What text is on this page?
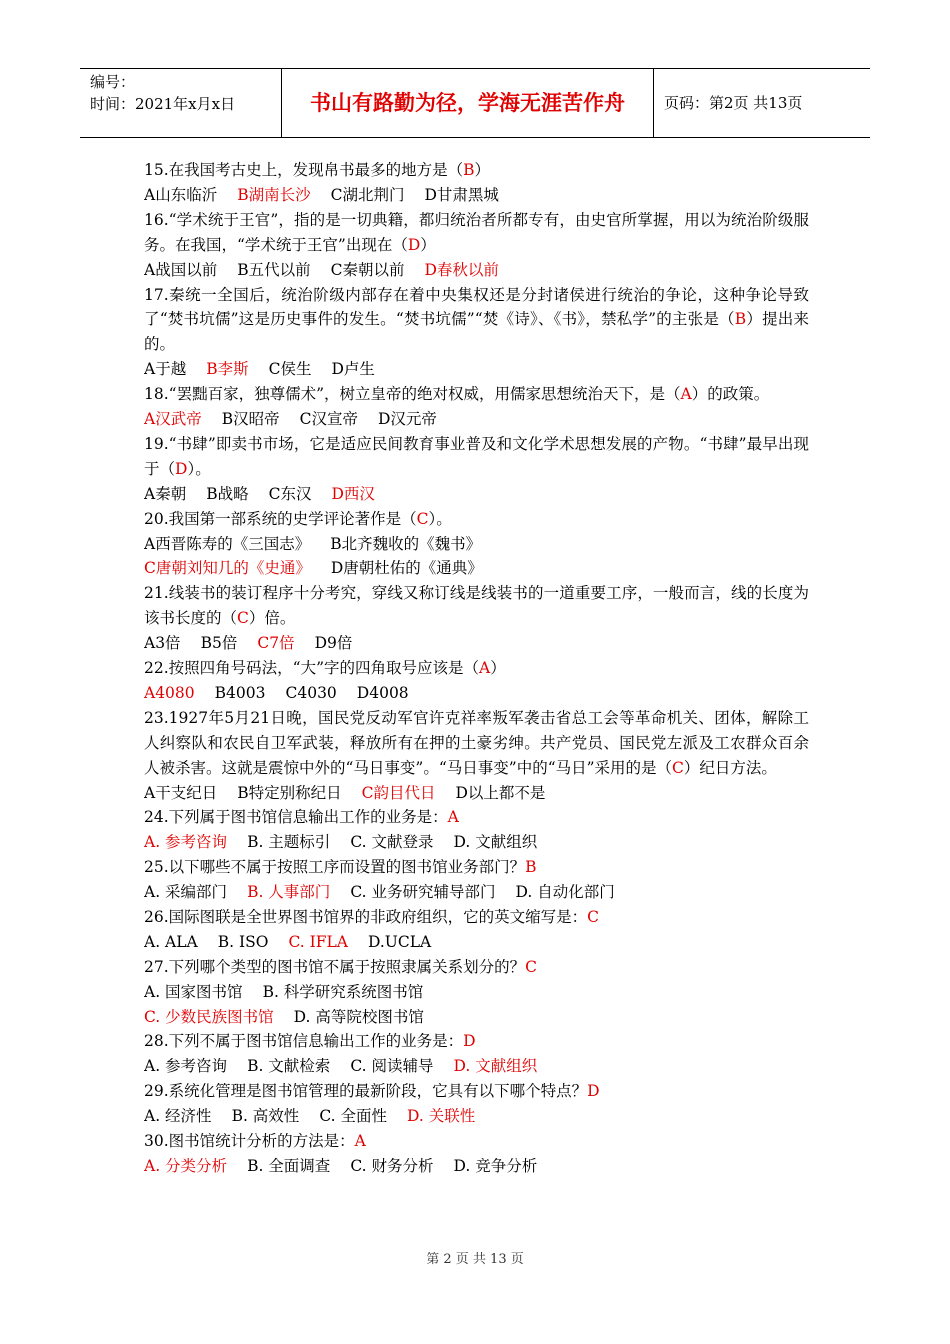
编号：
时间：2021年x月x日	书山有路勤为径，学海无涯苦作舟	页码：第2页 共13页
15.在我国考古史上，发现帛书最多的地方是（B）
A山东临沂 B湖南长沙 C湖北荆门 D甘肃黑城
16.“学术统于王官”，指的是一切典籍，都归统治者所都专有，由史官所掌握，用以为统治阶级服务。在我国，“学术统于王官”出现在（D）
A战国以前 B五代以前 C秦朝以前 D春秋以前
17.秦统一全国后，统治阶级内部存在着中央集权还是分封诸侯进行统治的争论，这种争论导致了“焚书坑儒”这是历史事件的发生。“焚书坑儒”“焚《诗》、《书》，禁私学”的主张是（B）提出来的。
A于越 B李斯 C侯生 D卢生
18.“罢黜百家，独尊儒术”，树立皇帝的绝对权威，用儒家思想统治天下，是（A）的政策。
A汉武帝 B汉昭帝 C汉宣帝 D汉元帝
19.“书肆”即卖书市场，它是适应民间教育事业普及和文化学术思想发展的产物。“书肆”最早出现于（D）。
A秦朝 B战略 C东汉 D西汉
20.我国第一部系统的史学评论著作是（C）。
A西晋陈寿的《三国志》 B北齐魏收的《魏书》
C唐朝刘知几的《史通》 D唐朝杜佑的《通典》
21.线装书的装订程序十分考究，穿线又称订线是线装书的一道重要工序，一般而言，线的长度为该书长度的（C）倍。
A3倍 B5倍 C7倍 D9倍
22.按照四角号码法，“大”字的四角取号应该是（A）
A4080 B4003 C4030 D4008
23.1927年5月21日晚，国民党反动军官许克祥率叛军袭击省总工会等革命机关、团体，解除工人纠察队和农民自卫军武装，释放所有在押的土豪劣绅。共产党员、国民党左派及工农群众百余人被杀害。这就是震惊中外的“马日事变”。“马日事变”中的“马日”采用的是（C）纪日方法。
A干支纪日 B特定别称纪日 C韵目代日 D以上都不是
24.下列属于图书馆信息输出工作的业务是：A
A. 参考咨询 B. 主题标引 C. 文献登录 D. 文献组织
25.以下哪些不属于按照工序而设置的图书馆业务部门？B
A. 采编部门 B. 人事部门 C. 业务研究辅导部门 D. 自动化部门
26.国际图联是全世界图书馆界的非政府组织，它的英文缩写是：C
A. ALA B. ISO C. IFLA D.UCLA
27.下列哪个类型的图书馆不属于按照隶属关系划分的？C
A. 国家图书馆 B. 科学研究系统图书馆
C. 少数民族图书馆 D. 高等院校图书馆
28.下列不属于图书馆信息输出工作的业务是：D
A. 参考咨询 B. 文献检索 C. 阅读辅导 D. 文献组织
29.系统化管理是图书馆管理的最新阶段，它具有以下哪个特点？D
A. 经济性 B. 高效性 C. 全面性 D. 关联性
30.图书馆统计分析的方法是：A
A. 分类分析 B. 全面调查 C. 财务分析 D. 竞争分析
第 2 页 共 13 页
